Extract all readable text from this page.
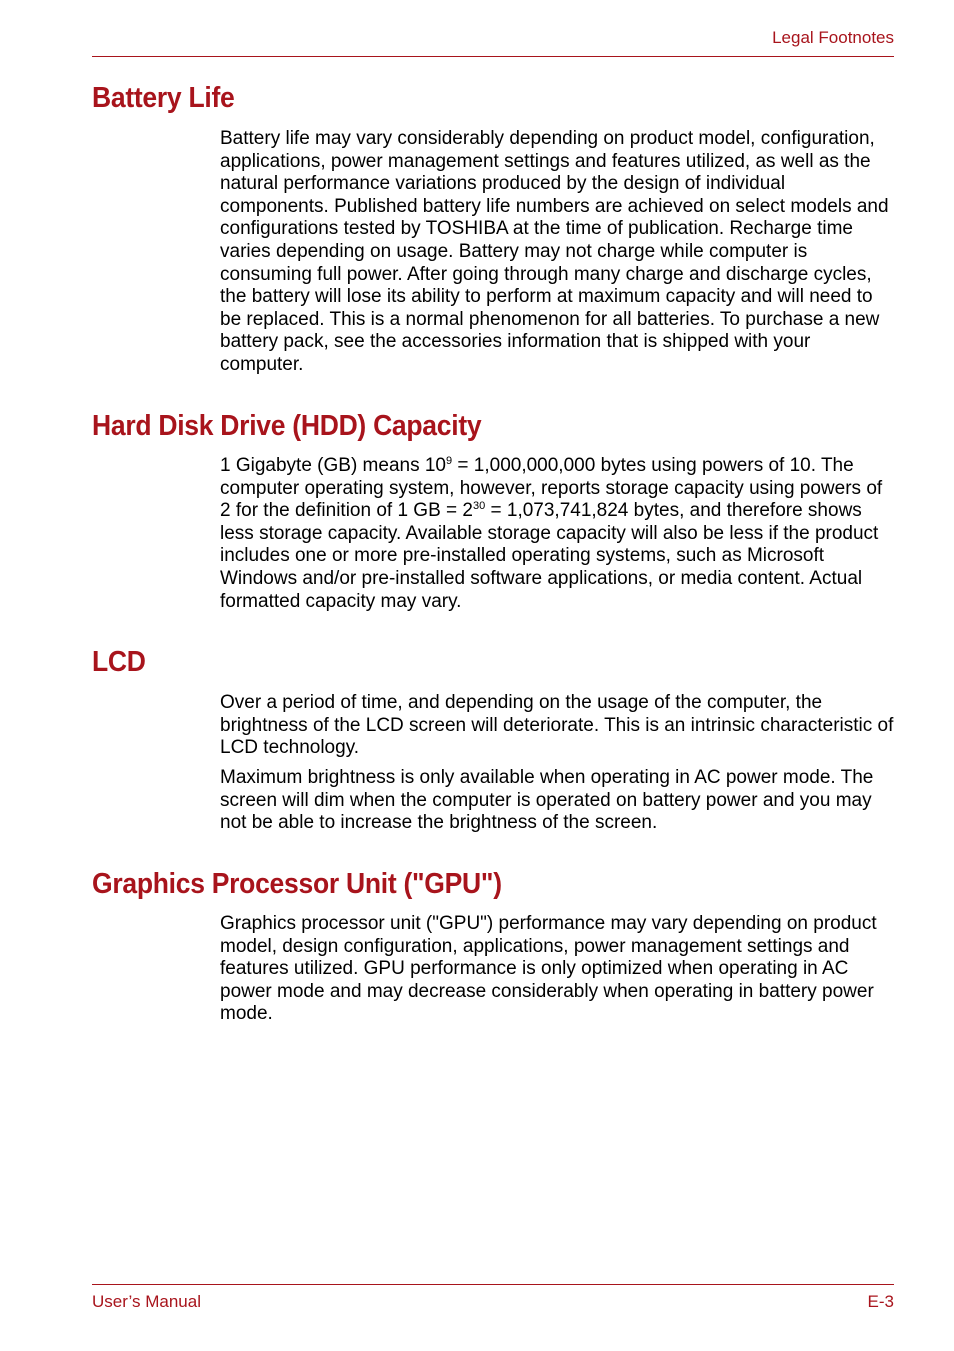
Legal Footnotes
Battery Life

Battery life may vary considerably depending on product model, configuration, applications, power management settings and features utilized, as well as the natural performance variations produced by the design of individual components. Published battery life numbers are achieved on select models and configurations tested by TOSHIBA at the time of publication. Recharge time varies depending on usage. Battery may not charge while computer is consuming full power. After going through many charge and discharge cycles, the battery will lose its ability to perform at maximum capacity and will need to be replaced. This is a normal phenomenon for all batteries. To purchase a new battery pack, see the accessories information that is shipped with your computer.

Hard Disk Drive (HDD) Capacity

1 Gigabyte (GB) means $10^9 = 1,000,000,000$ bytes using powers of 10. The computer operating system, however, reports storage capacity using powers of 2 for the definition of 1 GB = $2^{30} = 1,073,741,824$ bytes, and therefore shows less storage capacity. Available storage capacity will also be less if the product includes one or more pre-installed operating systems, such as Microsoft Windows and/or pre-installed software applications, or media content. Actual formatted capacity may vary.

LCD

Over a period of time, and depending on the usage of the computer, the brightness of the LCD screen will deteriorate. This is an intrinsic characteristic of LCD technology.

Maximum brightness is only available when operating in AC power mode. The screen will dim when the computer is operated on battery power and you may not be able to increase the brightness of the screen.

Graphics Processor Unit ("GPU")

Graphics processor unit ("GPU") performance may vary depending on product model, design configuration, applications, power management settings and features utilized. GPU performance is only optimized when operating in AC power mode and may decrease considerably when operating in battery power mode.

User’s Manual	E-3
